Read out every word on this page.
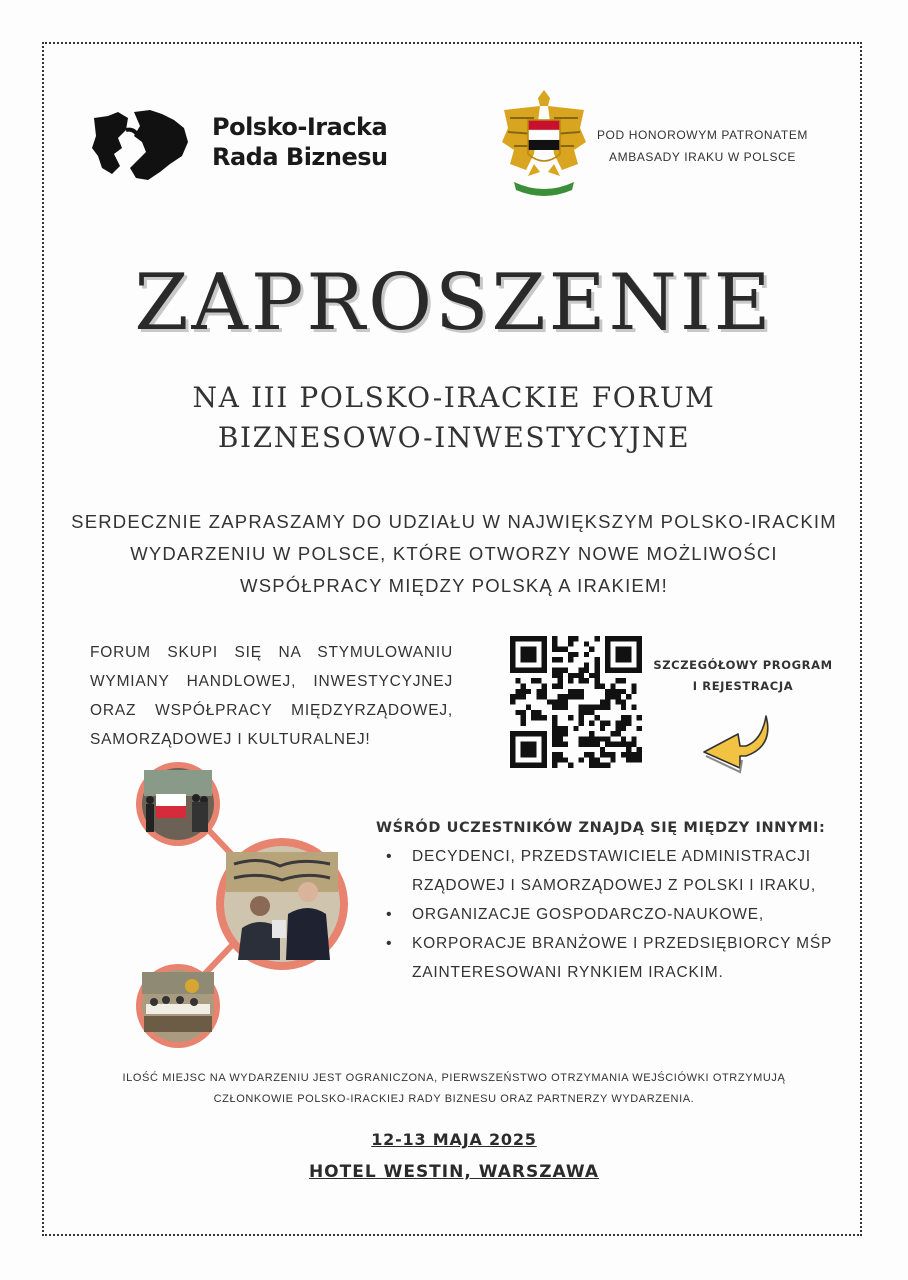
Polsko-Iracka
Rada Biznesu
POD HONOROWYM PATRONATEM
AMBASADY IRAKU W POLSCE
ZAPROSZENIE
NA III POLSKO-IRACKIE FORUM
BIZNESOWO-INWESTYCYJNE
SERDECZNIE ZAPRASZAMY DO UDZIAŁU W NAJWIĘKSZYM POLSKO-IRACKIM
WYDARZENIU W POLSCE, KTÓRE OTWORZY NOWE MOŻLIWOŚCI
WSPÓŁPRACY MIĘDZY POLSKĄ A IRAKIEM!
FORUM SKUPI SIĘ NA STYMULOWANIU
WYMIANY HANDLOWEJ, INWESTYCYJNEJ
ORAZ WSPÓŁPRACY MIĘDZYRZĄDOWEJ,
SAMORZĄDOWEJ I KULTURALNEJ!
SZCZEGÓŁOWY PROGRAM
I REJESTRACJA
WŚRÓD UCZESTNIKÓW ZNAJDĄ SIĘ MIĘDZY INNYMI:
• DECYDENCI, PRZEDSTAWICIELE ADMINISTRACJI
RZĄDOWEJ I SAMORZĄDOWEJ Z POLSKI I IRAKU,
• ORGANIZACJE GOSPODARCZO-NAUKOWE,
• KORPORACJE BRANŻOWE I PRZEDSIĘBIORCY MŚP
ZAINTERESOWANI RYNKIEM IRACKIM.
ILOŚĆ MIEJSC NA WYDARZENIU JEST OGRANICZONA, PIERWSZEŃSTWO OTRZYMANIA WEJŚCIÓWKI OTRZYMUJĄ
CZŁONKOWIE POLSKO-IRACKIEJ RADY BIZNESU ORAZ PARTNERZY WYDARZENIA.
12-13 MAJA 2025
HOTEL WESTIN, WARSZAWA
